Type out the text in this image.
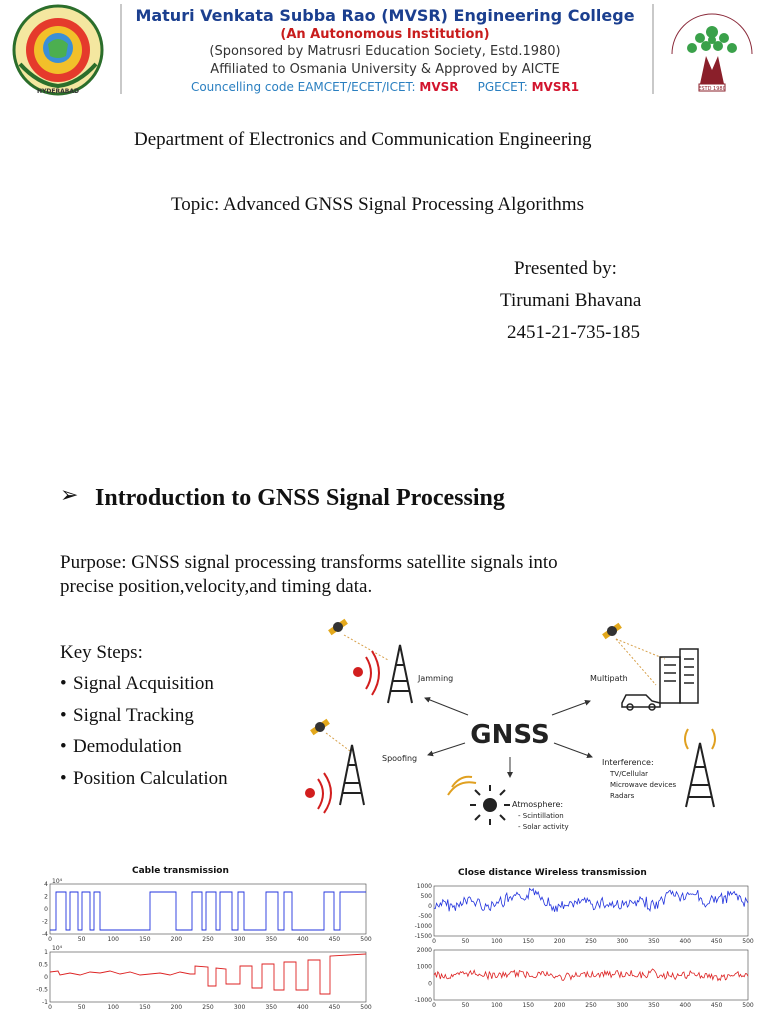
HYDERABAD
Maturi Venkata Subba Rao (MVSR) Engineering College
(An Autonomous Institution)
(Sponsored by Matrusri Education Society, Estd.1980)
Affiliated to Osmania University & Approved by AICTE
Councelling code EAMCET/ECET/ICET: MVSR PGECET: MVSR1	ESTD 1980
Department of Electronics and Communication Engineering
Topic: Advanced GNSS Signal Processing Algorithms
Presented by:
Tirumani Bhavana
2451-21-735-185
➢ Introduction to GNSS Signal Processing
Purpose: GNSS signal processing transforms satellite signals into
precise position,velocity,and timing data.
Key Steps:
• Signal Acquisition
• Signal Tracking
• Demodulation
• Position Calculation
GNSS
Jamming	Multipath
Spoofing	Interference:
TV/Cellular
Microwave devices
Radars
Atmosphere:
- Scintillation
- Solar activity
Cable transmission	Close distance Wireless transmission
10⁴
10⁴
4
2
0
-2
-4
1
0.5
0
-0.5
-1
1000
500
0
-500
-1000
-1500
2000
1000
0
-1000
0	50	100	150	200	250	300	350	400	450	500
0	50	100	150	200	250	300	350	400	450	500
0	50	100	150	200	250	300	350	400	450	500
0	50	100	150	200	250	300	350	400	450	500
